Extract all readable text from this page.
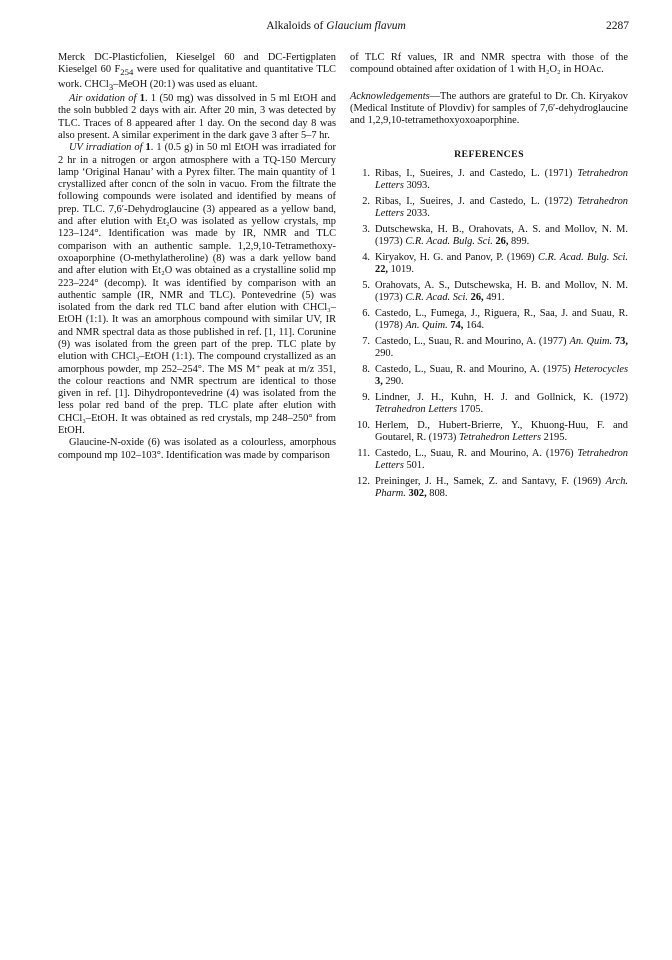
Alkaloids of Glaucium flavum	2287

Merck DC-Plasticfolien, Kieselgel 60 and DC-Fertigplaten Kieselgel 60 $F_{254}$ were used for qualitative and quantitative TLC work. CHCl$_3$–MeOH (20:1) was used as eluant.

Air oxidation of 1. 1 (50 mg) was dissolved in 5 ml EtOH and the soln bubbled 2 days with air. After 20 min, 3 was detected by TLC. Traces of 8 appeared after 1 day. On the second day 8 was also present. A similar experiment in the dark gave 3 after 5–7 hr.

UV irradiation of 1. 1 (0.5 g) in 50 ml EtOH was irradiated for 2 hr in a nitrogen or argon atmosphere with a TQ-150 Mercury lamp ‘Original Hanau’ with a Pyrex filter. The main quantity of 1 crystallized after concn of the soln in vacuo. From the filtrate the following compounds were isolated and identified by means of prep. TLC. 7,6′-Dehydroglaucine (3) appeared as a yellow band, and after elution with Et₂O was isolated as yellow crystals, mp 123–124°. Identification was made by IR, NMR and TLC comparison with an authentic sample. 1,2,9,10-Tetramethoxy-oxoaporphine (O-methylatheroline) (8) was a dark yellow band and after elution with Et₂O was obtained as a crystalline solid mp 223–224° (decomp). It was identified by comparison with an authentic sample (IR, NMR and TLC). Pontevedrine (5) was isolated from the dark red TLC band after elution with CHCl₃–EtOH (1:1). It was an amorphous compound with similar UV, IR and NMR spectral data as those published in ref. [1, 11]. Corunine (9) was isolated from the green part of the prep. TLC plate by elution with CHCl₃–EtOH (1:1). The compound crystallized as an amorphous powder, mp 252–254°. The MS M⁺ peak at m/z 351, the colour reactions and NMR spectrum are identical to those given in ref. [1]. Dihydropontevedrine (4) was isolated from the less polar red band of the prep. TLC plate after elution with CHCl₃–EtOH. It was obtained as red crystals, mp 248–250° from EtOH.

Glaucine-N-oxide (6) was isolated as a colourless, amorphous compound mp 102–103°. Identification was made by comparison

of TLC Rf values, IR and NMR spectra with those of the compound obtained after oxidation of 1 with H₂O₂ in HOAc.

Acknowledgements—The authors are grateful to Dr. Ch. Kiryakov (Medical Institute of Plovdiv) for samples of 7,6′-dehydroglaucine and 1,2,9,10-tetramethoxyoxoaporphine.

REFERENCES
1. Ribas, I., Sueires, J. and Castedo, L. (1971) Tetrahedron Letters 3093.
2. Ribas, I., Sueires, J. and Castedo, L. (1972) Tetrahedron Letters 2033.
3. Dutschewska, H. B., Orahovats, A. S. and Mollov, N. M. (1973) C.R. Acad. Bulg. Sci. 26, 899.
4. Kiryakov, H. G. and Panov, P. (1969) C.R. Acad. Bulg. Sci. 22, 1019.
5. Orahovats, A. S., Dutschewska, H. B. and Mollov, N. M. (1973) C.R. Acad. Sci. 26, 491.
6. Castedo, L., Fumega, J., Riguera, R., Saa, J. and Suau, R. (1978) An. Quim. 74, 164.
7. Castedo, L., Suau, R. and Mourino, A. (1977) An. Quim. 73, 290.
8. Castedo, L., Suau, R. and Mourino, A. (1975) Heterocycles 3, 290.
9. Lindner, J. H., Kuhn, H. J. and Gollnick, K. (1972) Tetrahedron Letters 1705.
10. Herlem, D., Hubert-Brierre, Y., Khuong-Huu, F. and Goutarel, R. (1973) Tetrahedron Letters 2195.
11. Castedo, L., Suau, R. and Mourino, A. (1976) Tetrahedron Letters 501.
12. Preininger, J. H., Samek, Z. and Santavy, F. (1969) Arch. Pharm. 302, 808.
